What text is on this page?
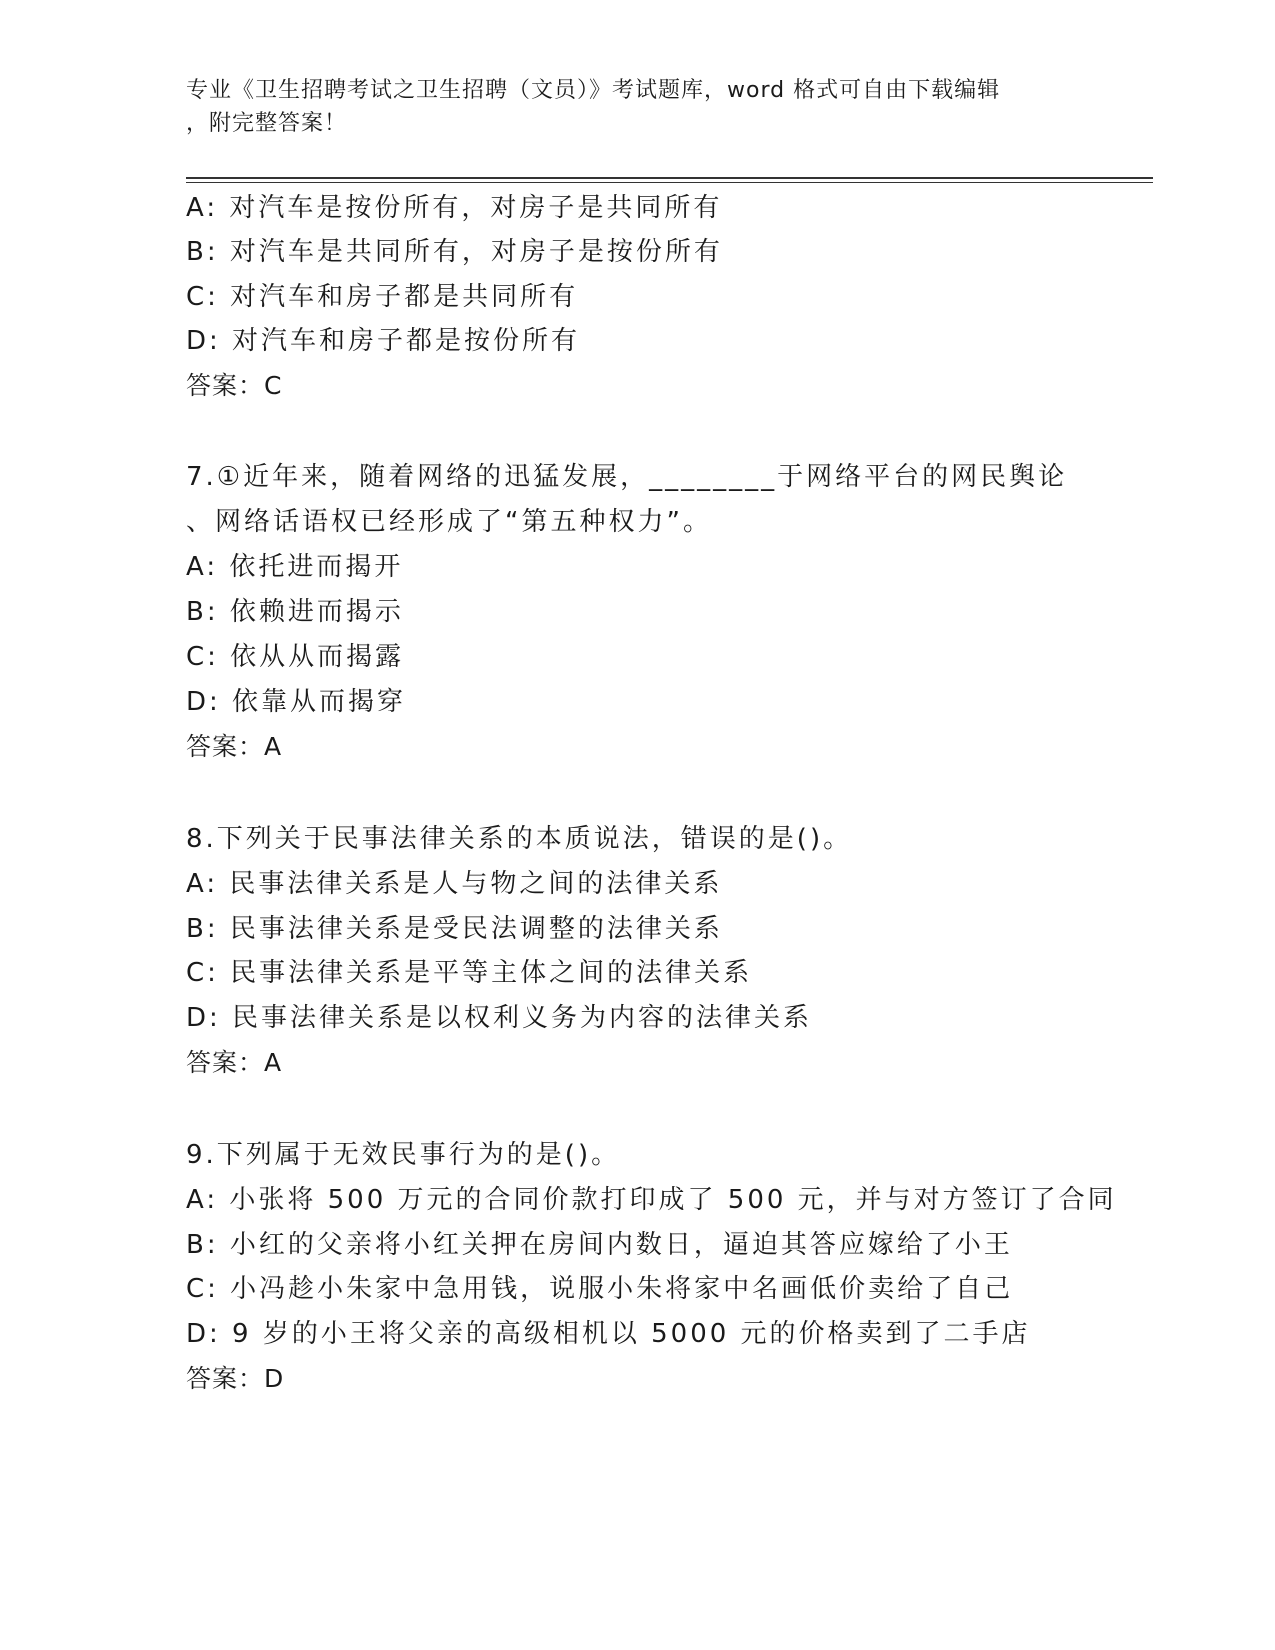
专业《卫生招聘考试之卫生招聘（文员）》考试题库，word 格式可自由下载编辑
，附完整答案！
A: 对汽车是按份所有，对房子是共同所有
B: 对汽车是共同所有，对房子是按份所有
C: 对汽车和房子都是共同所有
D: 对汽车和房子都是按份所有
答案：C
7.①近年来，随着网络的迅猛发展，________于网络平台的网民舆论
、网络话语权已经形成了“第五种权力”。
A: 依托进而揭开
B: 依赖进而揭示
C: 依从从而揭露
D: 依靠从而揭穿
答案：A
8.下列关于民事法律关系的本质说法，错误的是()。
A: 民事法律关系是人与物之间的法律关系
B: 民事法律关系是受民法调整的法律关系
C: 民事法律关系是平等主体之间的法律关系
D: 民事法律关系是以权利义务为内容的法律关系
答案：A
9.下列属于无效民事行为的是()。
A: 小张将 500 万元的合同价款打印成了 500 元，并与对方签订了合同
B: 小红的父亲将小红关押在房间内数日，逼迫其答应嫁给了小王
C: 小冯趁小朱家中急用钱，说服小朱将家中名画低价卖给了自己
D: 9 岁的小王将父亲的高级相机以 5000 元的价格卖到了二手店
答案：D
